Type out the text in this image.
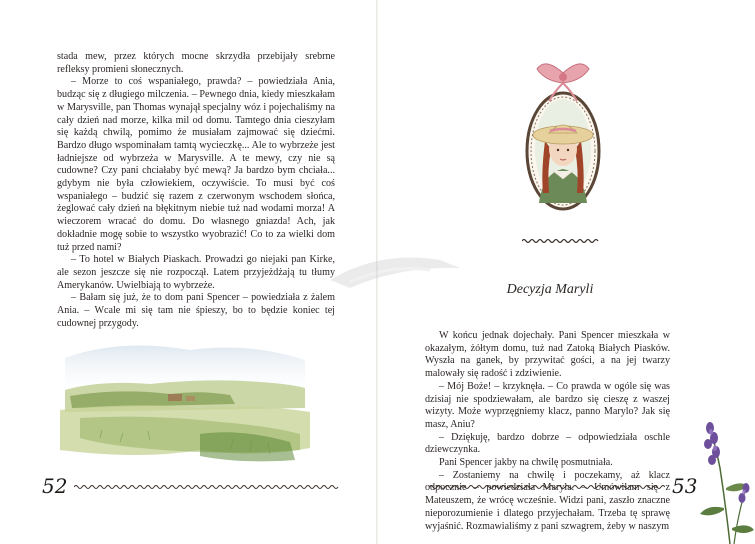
stada mew, przez których mocne skrzydła przebijały srebrne refleksy promieni słonecznych.

– Morze to coś wspaniałego, prawda? – powiedziała Ania, budząc się z długiego milczenia. – Pewnego dnia, kiedy mieszkałam w Marysville, pan Thomas wynajął specjalny wóz i pojechaliśmy na cały dzień nad morze, kilka mil od domu. Tamtego dnia cieszyłam się każdą chwilą, pomimo że musiałam zajmować się dziećmi. Bardzo długo wspominałam tamtą wycieczkę... Ale to wybrzeże jest ładniejsze od wybrzeża w Marysville. A te mewy, czy nie są cudowne? Czy pani chciałaby być mewą? Ja bardzo bym chciała... gdybym nie była człowiekiem, oczywiście. To musi być coś wspaniałego – budzić się razem z czerwonym wschodem słońca, żeglować cały dzień na błękitnym niebie tuż nad wodami morza! A wieczorem wracać do domu. Do własnego gniazda! Ach, jak dokładnie mogę sobie to wszystko wyobrazić! Co to za wielki dom tuż przed nami?

– To hotel w Białych Piaskach. Prowadzi go niejaki pan Kirke, ale sezon jeszcze się nie rozpoczął. Latem przyjeżdżają tu tłumy Amerykanów. Uwielbiają to wybrzeże.

– Bałam się już, że to dom pani Spencer – powiedziała z żalem Ania. – Wcale mi się tam nie śpieszy, bo to będzie koniec tej cudownej przygody.

52
Decyzja Maryli

W końcu jednak dojechały. Pani Spencer mieszkała w okazałym, żółtym domu, tuż nad Zatoką Białych Piasków. Wyszła na ganek, by przywitać gości, a na jej twarzy malowały się radość i zdziwienie.

– Mój Boże! – krzyknęła. – Co prawda w ogóle się was dzisiaj nie spodziewałam, ale bardzo się cieszę z waszej wizyty. Może wyprzęgniemy klacz, panno Marylo? Jak się masz, Aniu?

– Dziękuję, bardzo dobrze – odpowiedziała oschle dziewczynka.

Pani Spencer jakby na chwilę posmutniała.

– Zostaniemy na chwilę i poczekamy, aż klacz odpocznie – powiedziała Maryla. – Umówiłam się z Mateuszem, że wrócę wcześnie. Widzi pani, zaszło znaczne nieporozumienie i dlatego przyjechałam. Trzeba tę sprawę wyjaśnić. Rozmawialiśmy z pani szwagrem, żeby w naszym

53
